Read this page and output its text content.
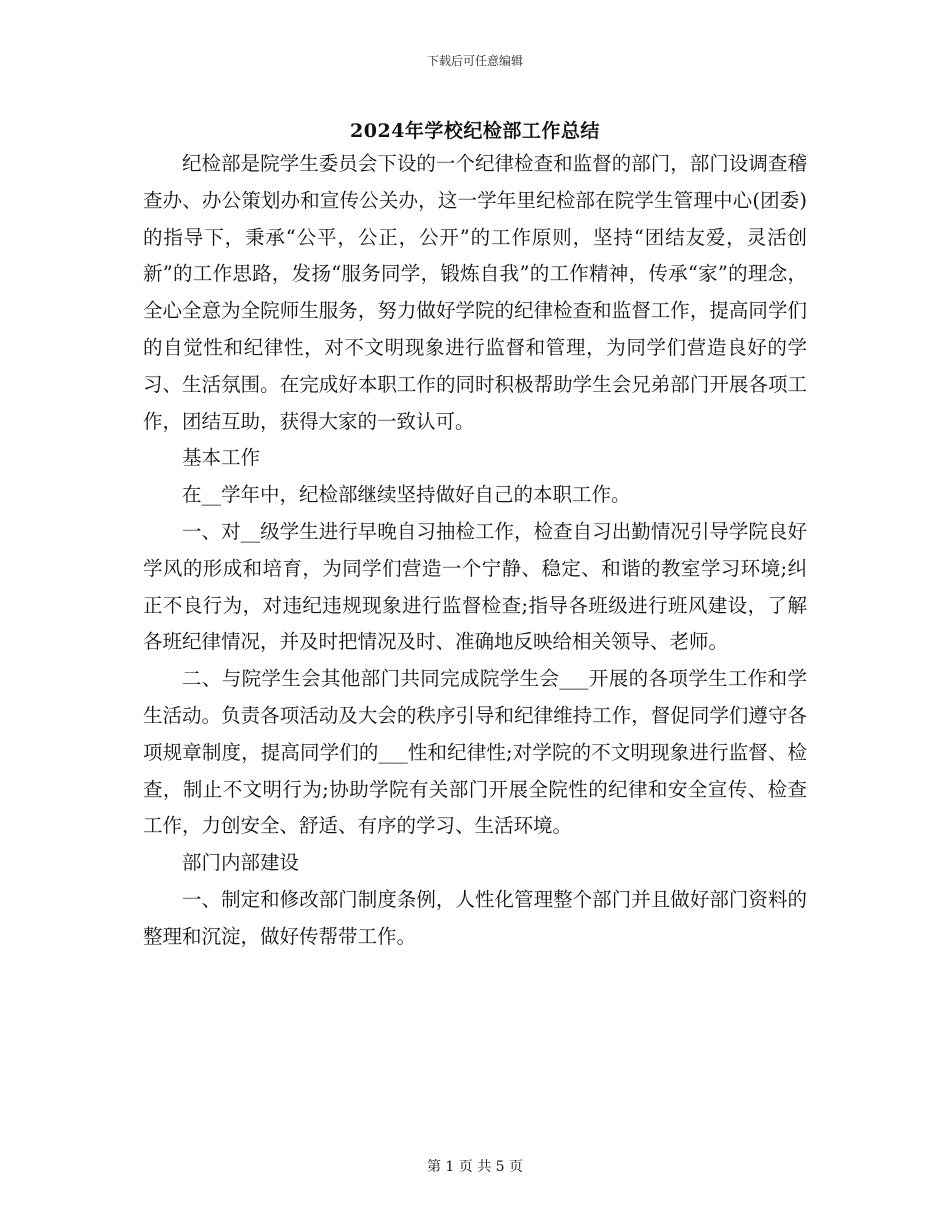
下载后可任意编辑
2024年学校纪检部工作总结

纪检部是院学生委员会下设的一个纪律检查和监督的部门，部门设调查稽查办、办公策划办和宣传公关办，这一学年里纪检部在院学生管理中心(团委)的指导下，秉承“公平，公正，公开”的工作原则，坚持“团结友爱，灵活创新”的工作思路，发扬“服务同学，锻炼自我”的工作精神，传承“家”的理念，全心全意为全院师生服务，努力做好学院的纪律检查和监督工作，提高同学们的自觉性和纪律性，对不文明现象进行监督和管理，为同学们营造良好的学习、生活氛围。在完成好本职工作的同时积极帮助学生会兄弟部门开展各项工作，团结互助，获得大家的一致认可。

基本工作

在__学年中，纪检部继续坚持做好自己的本职工作。

一、对__级学生进行早晚自习抽检工作，检查自习出勤情况引导学院良好学风的形成和培育，为同学们营造一个宁静、稳定、和谐的教室学习环境;纠正不良行为，对违纪违规现象进行监督检查;指导各班级进行班风建设，了解各班纪律情况，并及时把情况及时、准确地反映给相关领导、老师。

二、与院学生会其他部门共同完成院学生会___开展的各项学生工作和学生活动。负责各项活动及大会的秩序引导和纪律维持工作，督促同学们遵守各项规章制度，提高同学们的___性和纪律性;对学院的不文明现象进行监督、检查，制止不文明行为;协助学院有关部门开展全院性的纪律和安全宣传、检查工作，力创安全、舒适、有序的学习、生活环境。

部门内部建设

一、制定和修改部门制度条例，人性化管理整个部门并且做好部门资料的整理和沉淀，做好传帮带工作。

第 1 页 共 5 页
